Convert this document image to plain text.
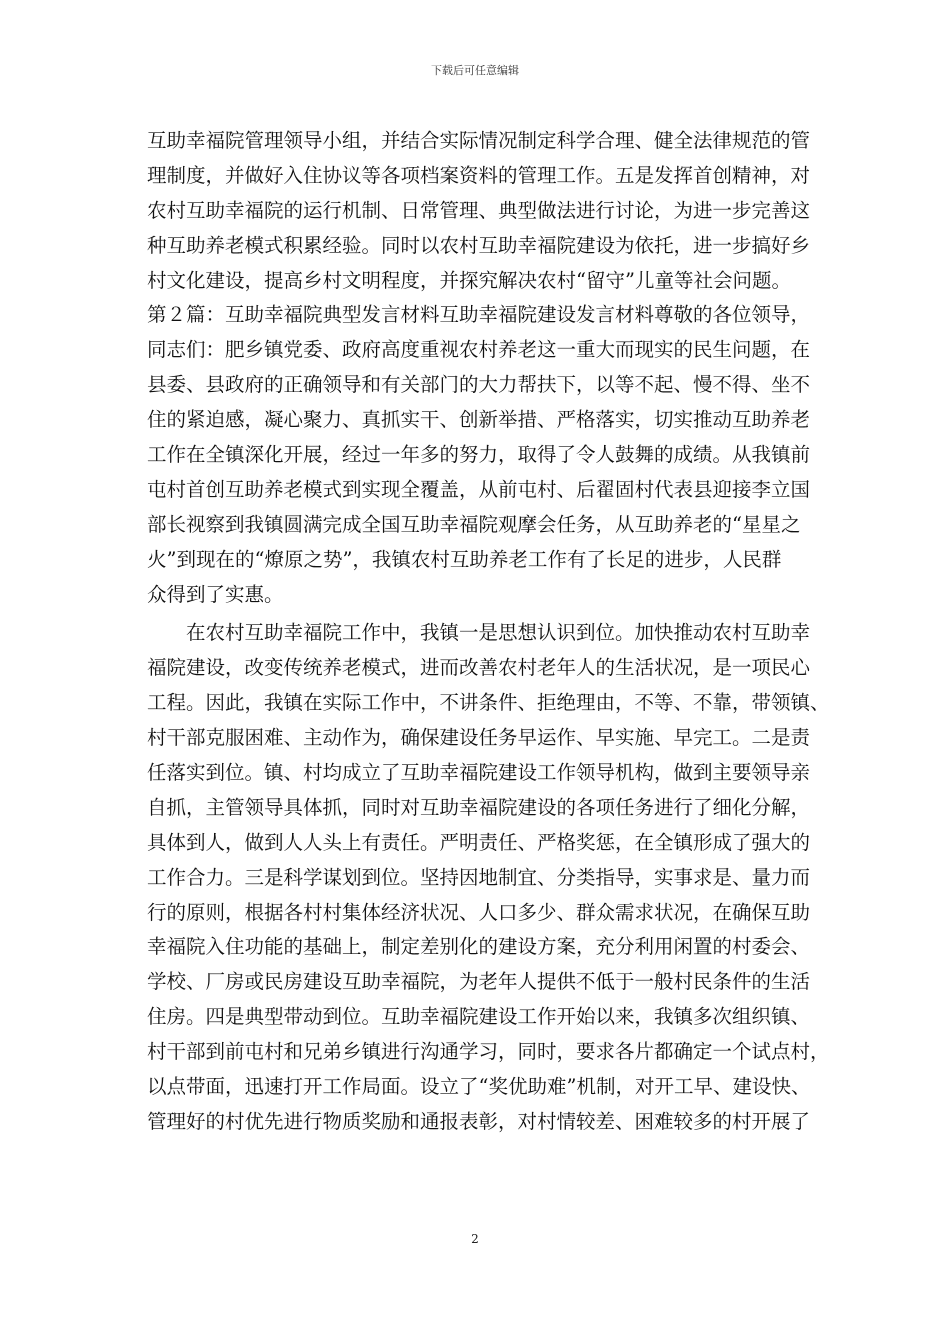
下载后可任意编辑
互助幸福院管理领导小组，并结合实际情况制定科学合理、健全法律规范的管
理制度，并做好入住协议等各项档案资料的管理工作。五是发挥首创精神，对
农村互助幸福院的运行机制、日常管理、典型做法进行讨论，为进一步完善这
种互助养老模式积累经验。同时以农村互助幸福院建设为依托，进一步搞好乡
村文化建设，提高乡村文明程度，并探究解决农村“留守”儿童等社会问题。
第２篇：互助幸福院典型发言材料互助幸福院建设发言材料尊敬的各位领导，
同志们：肥乡镇党委、政府高度重视农村养老这一重大而现实的民生问题，在
县委、县政府的正确领导和有关部门的大力帮扶下，以等不起、慢不得、坐不
住的紧迫感，凝心聚力、真抓实干、创新举措、严格落实，切实推动互助养老
工作在全镇深化开展，经过一年多的努力，取得了令人鼓舞的成绩。从我镇前
屯村首创互助养老模式到实现全覆盖，从前屯村、后翟固村代表县迎接李立国
部长视察到我镇圆满完成全国互助幸福院观摩会任务，从互助养老的“星星之
火”到现在的“燎原之势”，我镇农村互助养老工作有了长足的进步，人民群
众得到了实惠。
在农村互助幸福院工作中，我镇一是思想认识到位。加快推动农村互助幸
福院建设，改变传统养老模式，进而改善农村老年人的生活状况，是一项民心
工程。因此，我镇在实际工作中，不讲条件、拒绝理由，不等、不靠，带领镇、
村干部克服困难、主动作为，确保建设任务早运作、早实施、早完工。二是责
任落实到位。镇、村均成立了互助幸福院建设工作领导机构，做到主要领导亲
自抓，主管领导具体抓，同时对互助幸福院建设的各项任务进行了细化分解，
具体到人，做到人人头上有责任。严明责任、严格奖惩，在全镇形成了强大的
工作合力。三是科学谋划到位。坚持因地制宜、分类指导，实事求是、量力而
行的原则，根据各村村集体经济状况、人口多少、群众需求状况，在确保互助
幸福院入住功能的基础上，制定差别化的建设方案，充分利用闲置的村委会、
学校、厂房或民房建设互助幸福院，为老年人提供不低于一般村民条件的生活
住房。四是典型带动到位。互助幸福院建设工作开始以来，我镇多次组织镇、
村干部到前屯村和兄弟乡镇进行沟通学习，同时，要求各片都确定一个试点村，
以点带面，迅速打开工作局面。设立了“奖优助难”机制，对开工早、建设快、
管理好的村优先进行物质奖励和通报表彰，对村情较差、困难较多的村开展了
2
